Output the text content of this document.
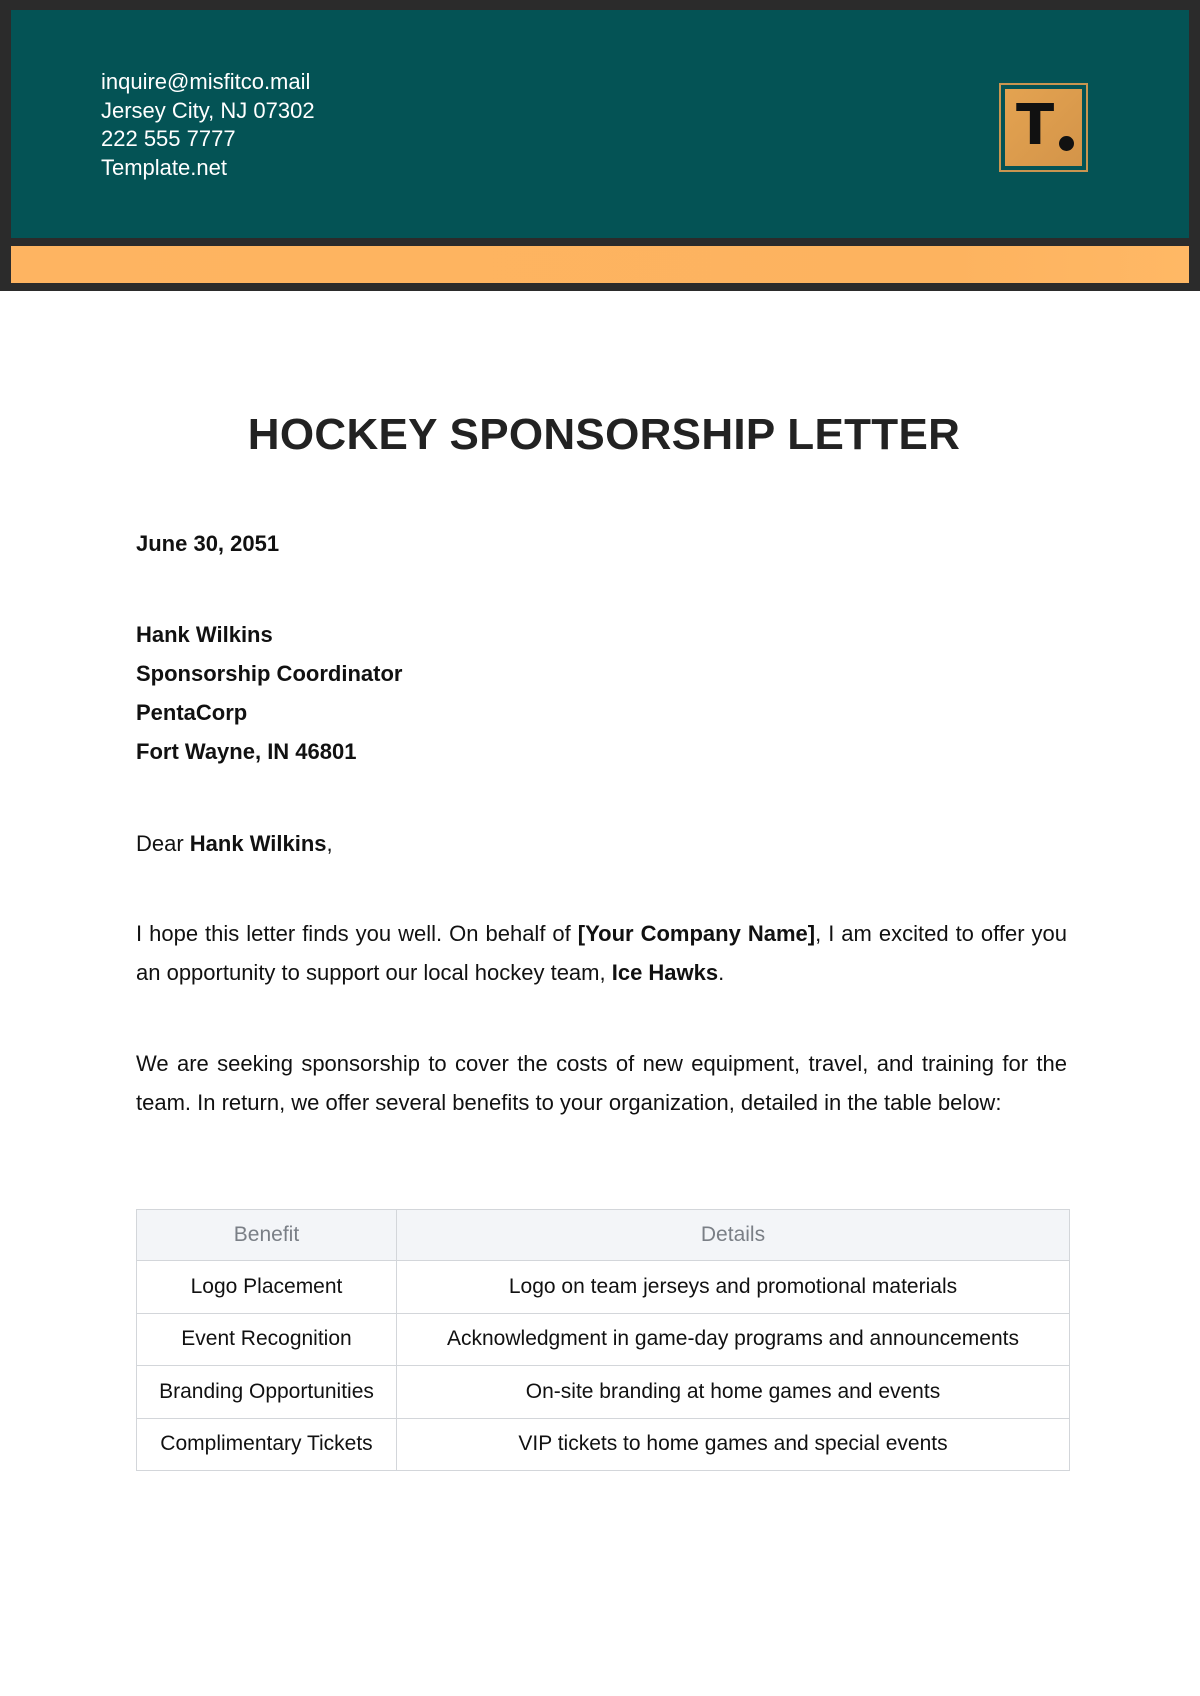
inquire@misfitco.mail
Jersey City, NJ 07302
222 555 7777
Template.net
T
HOCKEY SPONSORSHIP LETTER
June 30, 2051
Hank Wilkins
Sponsorship Coordinator
PentaCorp
Fort Wayne, IN 46801
Dear Hank Wilkins,

I hope this letter finds you well. On behalf of [Your Company Name], I am excited to offer you an opportunity to support our local hockey team, Ice Hawks.

We are seeking sponsorship to cover the costs of new equipment, travel, and training for the team. In return, we offer several benefits to your organization, detailed in the table below:

Benefit	Details
Logo Placement	Logo on team jerseys and promotional materials
Event Recognition	Acknowledgment in game-day programs and announcements
Branding Opportunities	On-site branding at home games and events
Complimentary Tickets	VIP tickets to home games and special events
